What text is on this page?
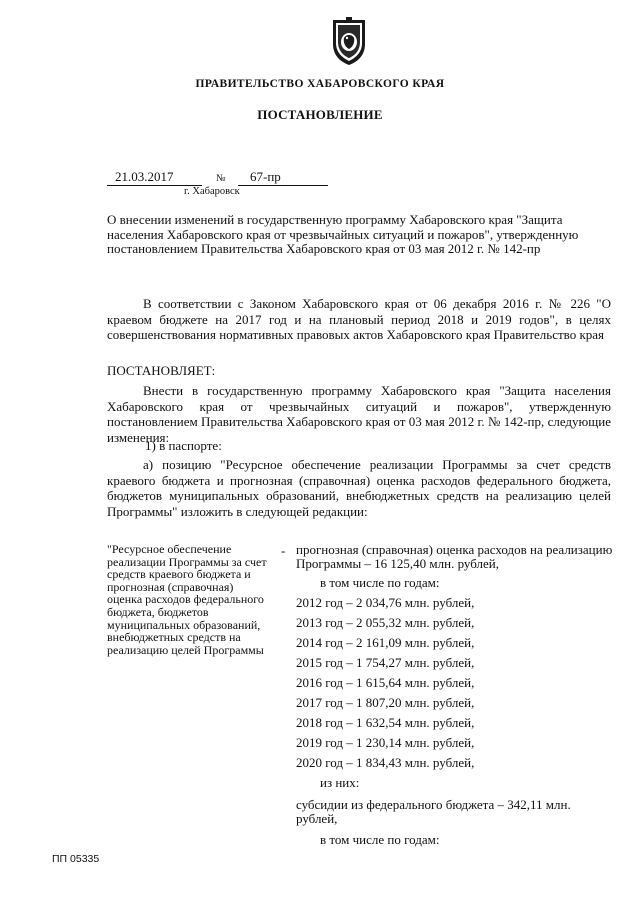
ПРАВИТЕЛЬСТВО ХАБАРОВСКОГО КРАЯ
ПОСТАНОВЛЕНИЕ
21.03.2017	№	67-пр
г. Хабаровск
О внесении изменений в государственную программу Хабаровского края "Защита населения Хабаровского края от чрезвычайных ситуаций и пожаров", утвержденную постановлением Правительства Хабаровского края от 03 мая 2012 г. № 142-пр

В соответствии с Законом Хабаровского края от 06 декабря 2016 г. № 226 "О краевом бюджете на 2017 год и на плановый период 2018 и 2019 годов", в целях совершенствования нормативных правовых актов Хабаровского края Правительство края

ПОСТАНОВЛЯЕТ:
Внести в государственную программу Хабаровского края "Защита населения Хабаровского края от чрезвычайных ситуаций и пожаров", утвержденную постановлением Правительства Хабаровского края от 03 мая 2012 г. № 142-пр, следующие изменения:
1) в паспорте:
а) позицию "Ресурсное обеспечение реализации Программы за счет средств краевого бюджета и прогнозная (справочная) оценка расходов федерального бюджета, бюджетов муниципальных образований, внебюджетных средств на реализацию целей Программы" изложить в следующей редакции:
"Ресурсное обеспечение реализации Программы за счет средств краевого бюджета и прогнозная (справочная) оценка расходов федерального бюджета, бюджетов муниципальных образований, внебюджетных средств на реализацию целей Программы
- прогнозная (справочная) оценка расходов на реализацию Программы – 16 125,40 млн. рублей,

в том числе по годам:

2012 год – 2 034,76 млн. рублей,

2013 год – 2 055,32 млн. рублей,

2014 год – 2 161,09 млн. рублей,

2015 год – 1 754,27 млн. рублей,

2016 год – 1 615,64 млн. рублей,

2017 год – 1 807,20 млн. рублей,

2018 год – 1 632,54 млн. рублей,

2019 год – 1 230,14 млн. рублей,

2020 год – 1 834,43 млн. рублей,

из них:

субсидии из федерального бюджета – 342,11 млн. рублей,

в том числе по годам:

ПП 05335
